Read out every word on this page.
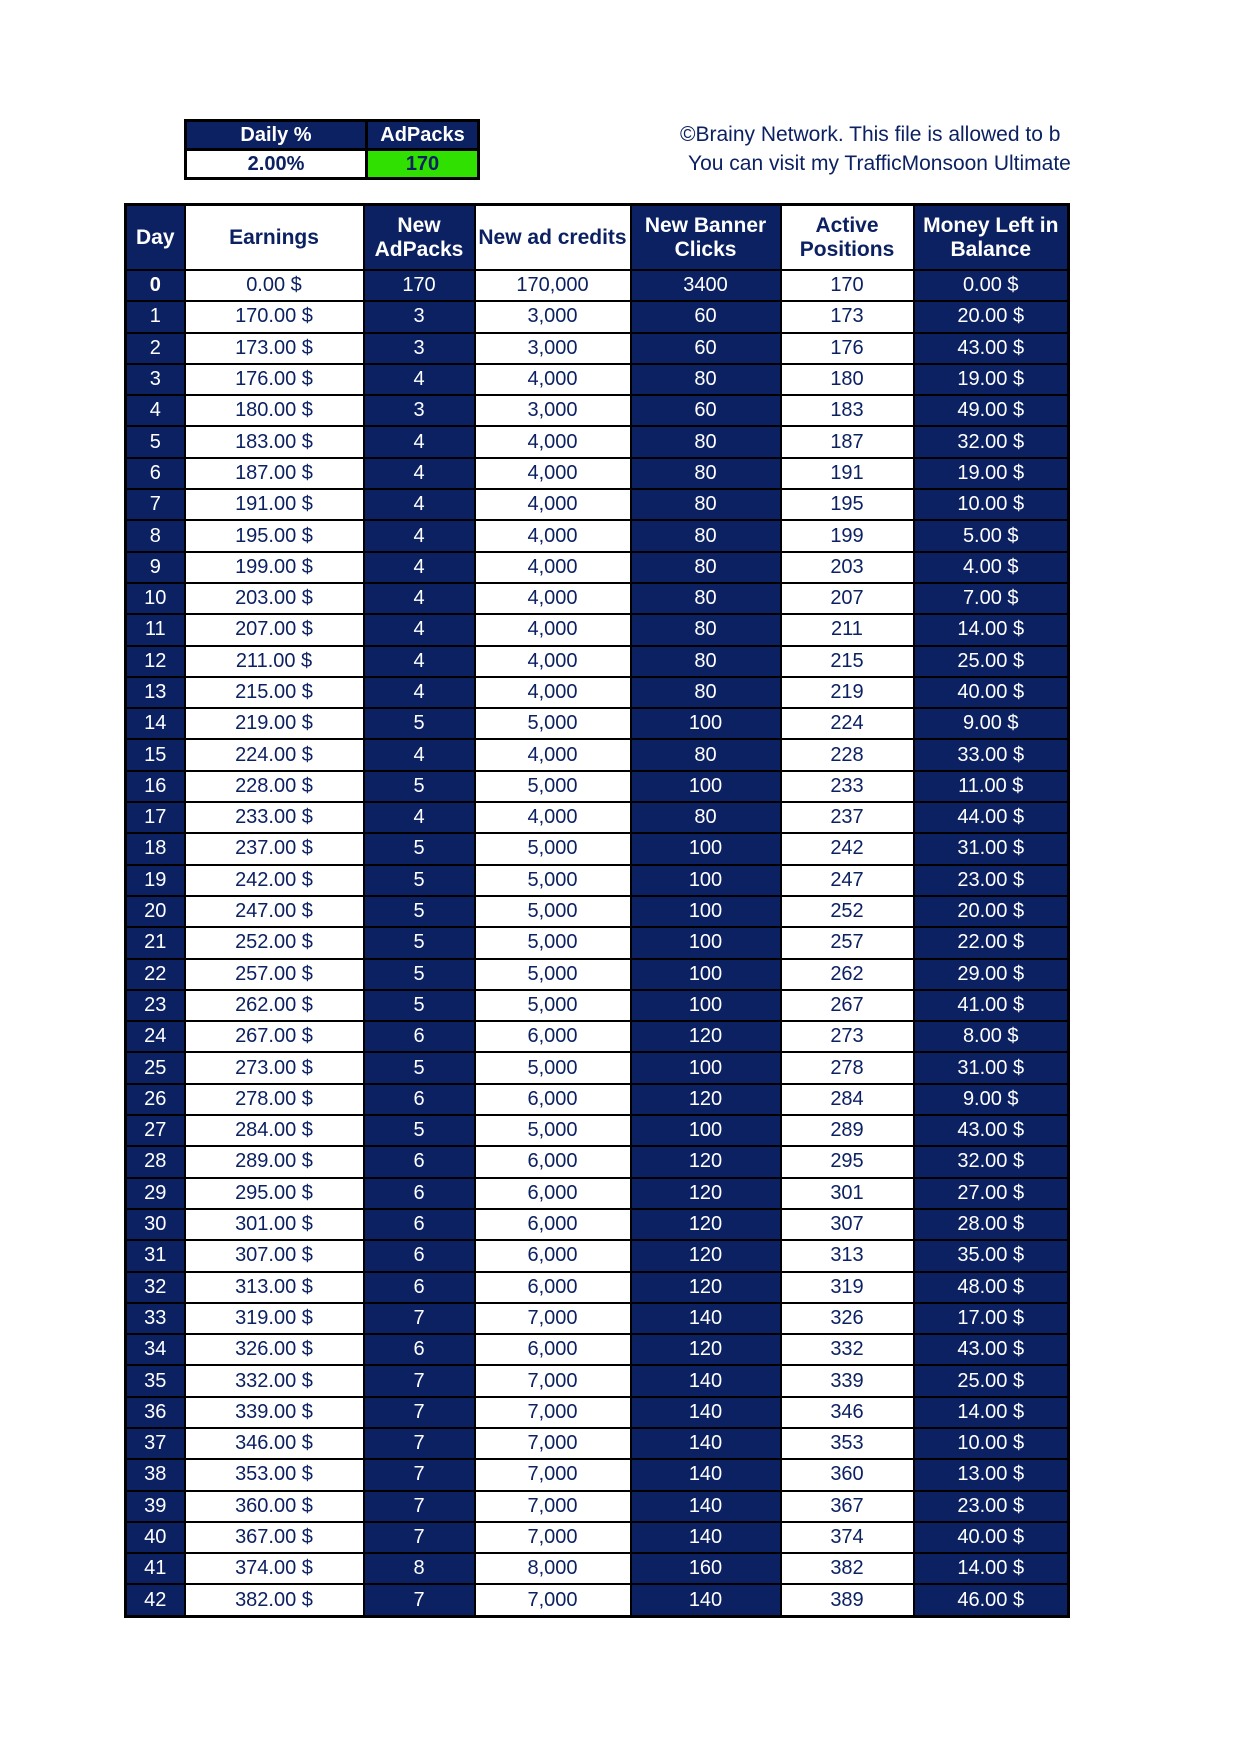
Daily %	AdPacks
2.00%	170
©Brainy Network. This file is allowed to b
You can visit my TrafficMonsoon Ultimate
Day	Earnings	New AdPacks	New ad credits	New Banner Clicks	Active Positions	Money Left in Balance
0	0.00 $	170	170,000	3400	170	0.00 $
1	170.00 $	3	3,000	60	173	20.00 $
2	173.00 $	3	3,000	60	176	43.00 $
3	176.00 $	4	4,000	80	180	19.00 $
4	180.00 $	3	3,000	60	183	49.00 $
5	183.00 $	4	4,000	80	187	32.00 $
6	187.00 $	4	4,000	80	191	19.00 $
7	191.00 $	4	4,000	80	195	10.00 $
8	195.00 $	4	4,000	80	199	5.00 $
9	199.00 $	4	4,000	80	203	4.00 $
10	203.00 $	4	4,000	80	207	7.00 $
11	207.00 $	4	4,000	80	211	14.00 $
12	211.00 $	4	4,000	80	215	25.00 $
13	215.00 $	4	4,000	80	219	40.00 $
14	219.00 $	5	5,000	100	224	9.00 $
15	224.00 $	4	4,000	80	228	33.00 $
16	228.00 $	5	5,000	100	233	11.00 $
17	233.00 $	4	4,000	80	237	44.00 $
18	237.00 $	5	5,000	100	242	31.00 $
19	242.00 $	5	5,000	100	247	23.00 $
20	247.00 $	5	5,000	100	252	20.00 $
21	252.00 $	5	5,000	100	257	22.00 $
22	257.00 $	5	5,000	100	262	29.00 $
23	262.00 $	5	5,000	100	267	41.00 $
24	267.00 $	6	6,000	120	273	8.00 $
25	273.00 $	5	5,000	100	278	31.00 $
26	278.00 $	6	6,000	120	284	9.00 $
27	284.00 $	5	5,000	100	289	43.00 $
28	289.00 $	6	6,000	120	295	32.00 $
29	295.00 $	6	6,000	120	301	27.00 $
30	301.00 $	6	6,000	120	307	28.00 $
31	307.00 $	6	6,000	120	313	35.00 $
32	313.00 $	6	6,000	120	319	48.00 $
33	319.00 $	7	7,000	140	326	17.00 $
34	326.00 $	6	6,000	120	332	43.00 $
35	332.00 $	7	7,000	140	339	25.00 $
36	339.00 $	7	7,000	140	346	14.00 $
37	346.00 $	7	7,000	140	353	10.00 $
38	353.00 $	7	7,000	140	360	13.00 $
39	360.00 $	7	7,000	140	367	23.00 $
40	367.00 $	7	7,000	140	374	40.00 $
41	374.00 $	8	8,000	160	382	14.00 $
42	382.00 $	7	7,000	140	389	46.00 $
